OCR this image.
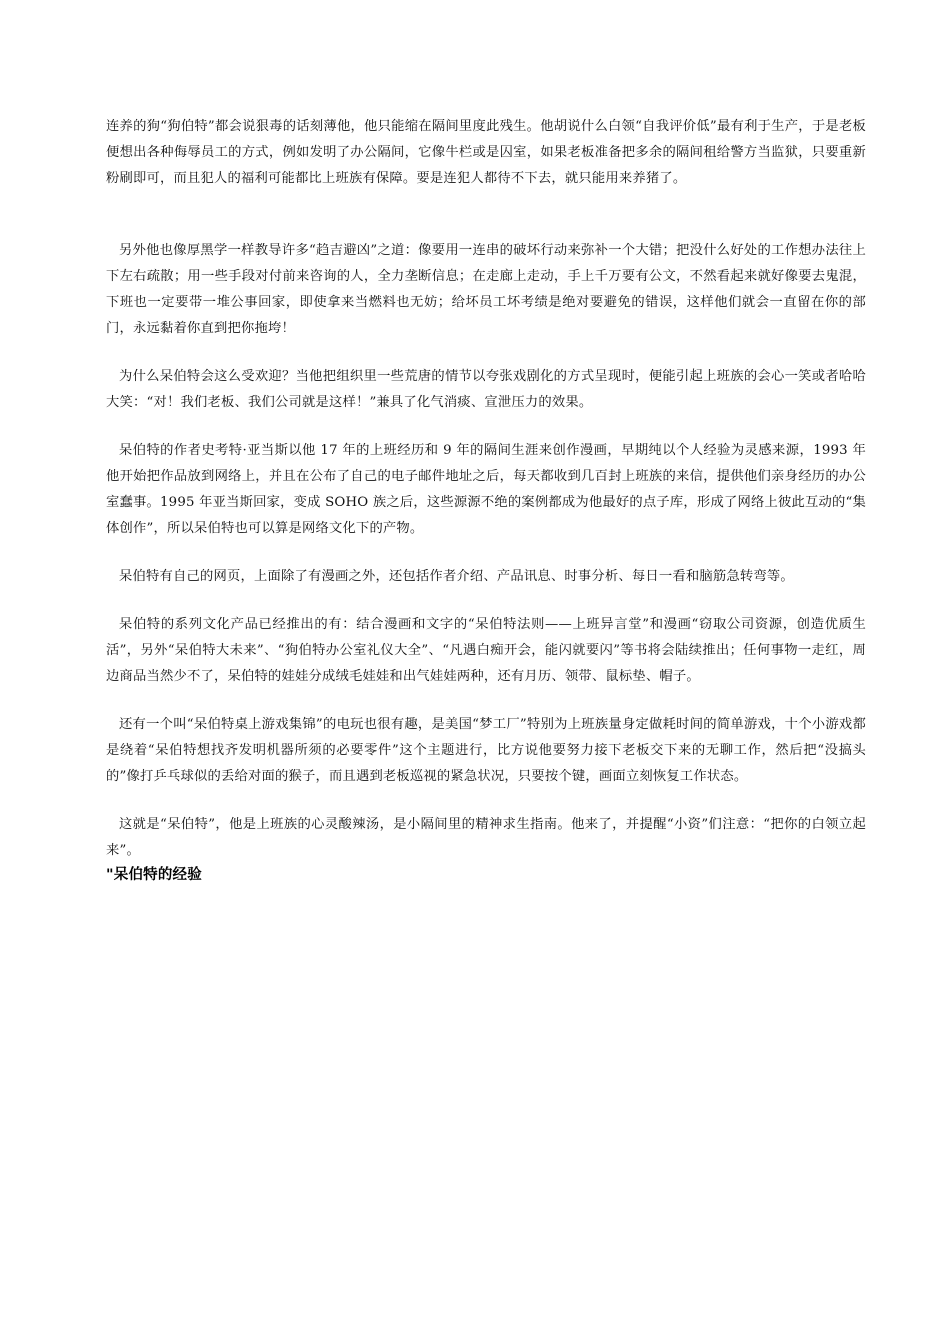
连养的狗“狗伯特”都会说狠毒的话刻薄他，他只能缩在隔间里度此残生。他胡说什么白领“自我评价低”最有利于生产，于是老板便想出各种侮辱员工的方式，例如发明了办公隔间，它像牛栏或是囚室，如果老板准备把多余的隔间租给警方当监狱，只要重新粉刷即可，而且犯人的福利可能都比上班族有保障。要是连犯人都待不下去，就只能用来养猪了。

另外他也像厚黑学一样教导许多“趋吉避凶”之道：像要用一连串的破坏行动来弥补一个大错；把没什么好处的工作想办法往上下左右疏散；用一些手段对付前来咨询的人，全力垄断信息；在走廊上走动，手上千万要有公文，不然看起来就好像要去鬼混，下班也一定要带一堆公事回家，即使拿来当燃料也无妨；给坏员工坏考绩是绝对要避免的错误，这样他们就会一直留在你的部门，永远黏着你直到把你拖垮！

为什么呆伯特会这么受欢迎？当他把组织里一些荒唐的情节以夸张戏剧化的方式呈现时，便能引起上班族的会心一笑或者哈哈大笑：“对！我们老板、我们公司就是这样！”兼具了化气消痰、宣泄压力的效果。

呆伯特的作者史考特·亚当斯以他 17 年的上班经历和 9 年的隔间生涯来创作漫画，早期纯以个人经验为灵感来源，1993 年他开始把作品放到网络上，并且在公布了自己的电子邮件地址之后，每天都收到几百封上班族的来信，提供他们亲身经历的办公室蠢事。1995 年亚当斯回家，变成 SOHO 族之后，这些源源不绝的案例都成为他最好的点子库，形成了网络上彼此互动的“集体创作”，所以呆伯特也可以算是网络文化下的产物。

呆伯特有自己的网页，上面除了有漫画之外，还包括作者介绍、产品讯息、时事分析、每日一看和脑筋急转弯等。

呆伯特的系列文化产品已经推出的有：结合漫画和文字的“呆伯特法则——上班异言堂”和漫画“窃取公司资源，创造优质生活”，另外“呆伯特大未来”、“狗伯特办公室礼仪大全”、“凡遇白痴开会，能闪就要闪”等书将会陆续推出；任何事物一走红，周边商品当然少不了，呆伯特的娃娃分成绒毛娃娃和出气娃娃两种，还有月历、领带、鼠标垫、帽子。

还有一个叫“呆伯特桌上游戏集锦”的电玩也很有趣，是美国“梦工厂”特别为上班族量身定做耗时间的简单游戏，十个小游戏都是绕着“呆伯特想找齐发明机器所须的必要零件”这个主题进行，比方说他要努力接下老板交下来的无聊工作，然后把“没搞头的”像打乒乓球似的丢给对面的猴子，而且遇到老板巡视的紧急状况，只要按个键，画面立刻恢复工作状态。

这就是“呆伯特”，他是上班族的心灵酸辣汤，是小隔间里的精神求生指南。他来了，并提醒“小资”们注意：“把你的白领立起来”。

"呆伯特的经验
